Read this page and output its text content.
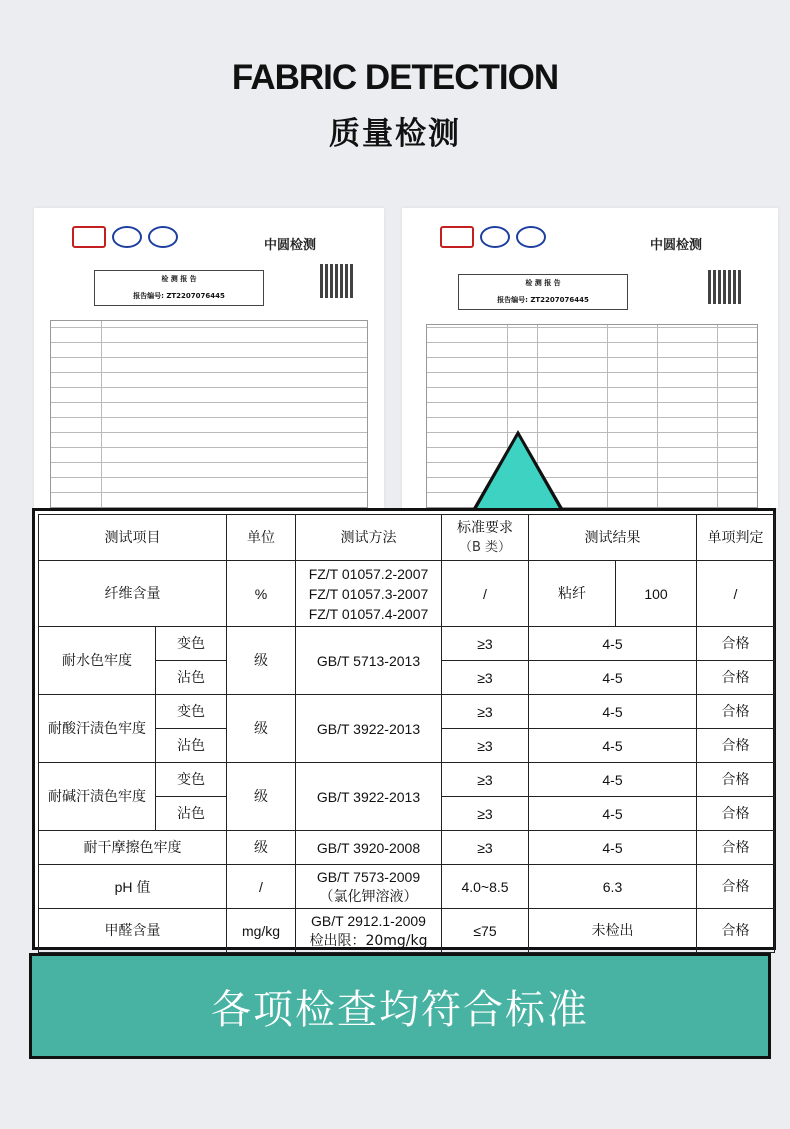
FABRIC DETECTION
质量检测
中圆检测
检 测 报 告
报告编号: ZT2207076445
中圆检测
检 测 报 告
报告编号: ZT2207076445
测试项目		单位	测试方法	标准要求
（B 类）	测试结果		单项判定
纤维含量		%	FZ/T 01057.2-2007
FZ/T 01057.3-2007
FZ/T 01057.4-2007	/	粘纤	100	/
耐水色牢度	变色	级	GB/T 5713-2013	≥3	4-5		合格
	沾色			≥3	4-5		合格
耐酸汗渍色牢度	变色	级	GB/T 3922-2013	≥3	4-5		合格
	沾色			≥3	4-5		合格
耐碱汗渍色牢度	变色	级	GB/T 3922-2013	≥3	4-5		合格
	沾色			≥3	4-5		合格
耐干摩擦色牢度		级	GB/T 3920-2008	≥3	4-5		合格
pH 值		/	GB/T 7573-2009
（氯化钾溶液）	4.0~8.5	6.3		合格
甲醛含量		mg/kg	GB/T 2912.1-2009
检出限：20mg/kg	≤75	未检出		合格
各项检查均符合标准
